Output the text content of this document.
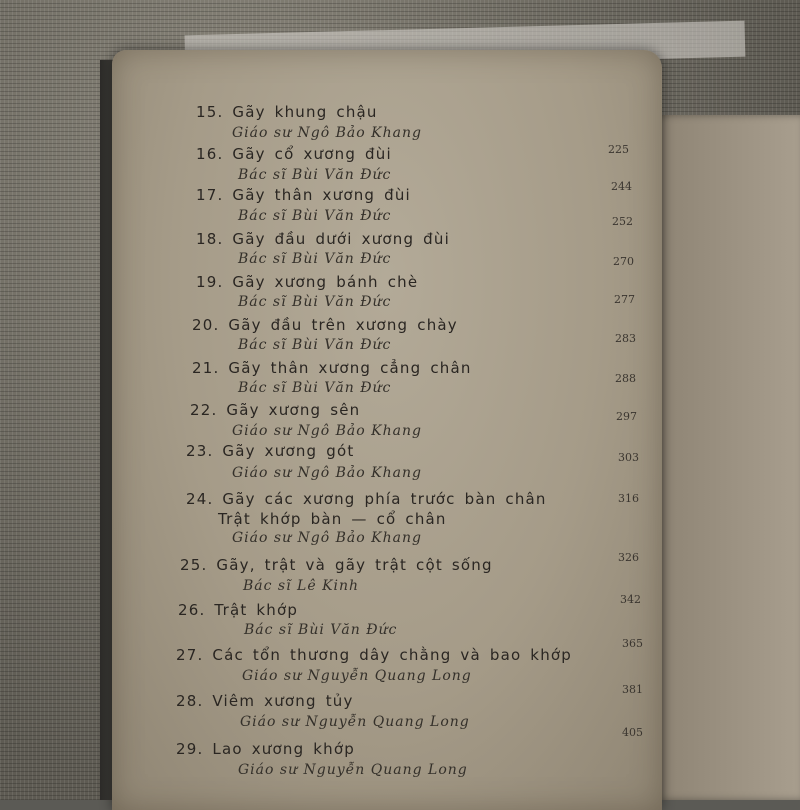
15. Gãy khung chậu
Giáo sư Ngô Bảo Khang
225
16. Gãy cổ xương đùi
Bác sĩ Bùi Văn Đức
244
17. Gãy thân xương đùi
Bác sĩ Bùi Văn Đức	252
18. Gãy đầu dưới xương đùi
Bác sĩ Bùi Văn Đức	270
19. Gãy xương bánh chè
Bác sĩ Bùi Văn Đức	277
20. Gãy đầu trên xương chày
Bác sĩ Bùi Văn Đức	283
21. Gãy thân xương cẳng chân
Bác sĩ Bùi Văn Đức
288
22. Gãy xương sên
Giáo sư Ngô Bảo Khang
297
23. Gãy xương gót
Giáo sư Ngô Bảo Khang
303
24. Gãy các xương phía trước bàn chân
Trật khớp bàn — cổ chân
Giáo sư Ngô Bảo Khang
316
25. Gãy, trật và gãy trật cột sống
Bác sĩ Lê Kinh
326
26. Trật khớp
Bác sĩ Bùi Văn Đức
342
27. Các tổn thương dây chằng và bao khớp
Giáo sư Nguyễn Quang Long
365
28. Viêm xương tủy
Giáo sư Nguyễn Quang Long
381
29. Lao xương khớp
Giáo sư Nguyễn Quang Long
405
